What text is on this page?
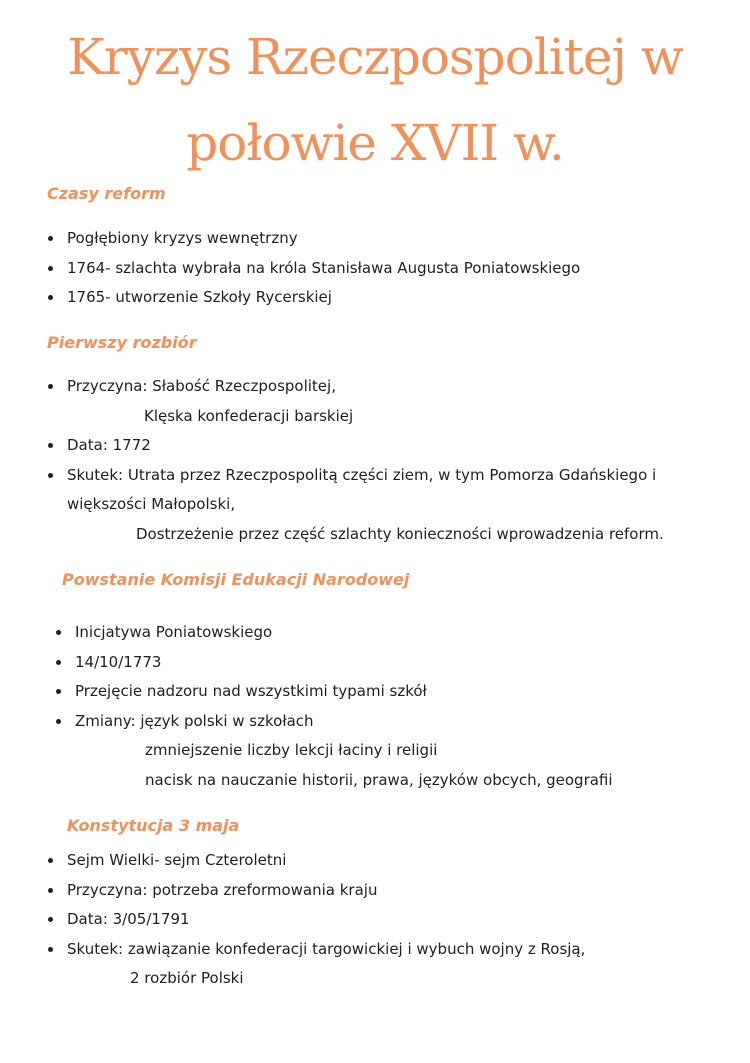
Kryzys Rzeczpospolitej w
połowie XVII w.
Czasy reform
Pogłębiony kryzys wewnętrzny
1764- szlachta wybrała na króla Stanisława Augusta Poniatowskiego
1765- utworzenie Szkoły Rycerskiej
Pierwszy rozbiór
Przyczyna: Słabość Rzeczpospolitej,
Klęska konfederacji barskiej
Data: 1772
Skutek: Utrata przez Rzeczpospolitą części ziem, w tym Pomorza Gdańskiego i
większości Małopolski,
Dostrzeżenie przez część szlachty konieczności wprowadzenia reform.
Powstanie Komisji Edukacji Narodowej
Inicjatywa Poniatowskiego
14/10/1773
Przejęcie nadzoru nad wszystkimi typami szkół
Zmiany: język polski w szkołach
zmniejszenie liczby lekcji łaciny i religii
nacisk na nauczanie historii, prawa, języków obcych, geografii
Konstytucja 3 maja
Sejm Wielki- sejm Czteroletni
Przyczyna: potrzeba zreformowania kraju
Data: 3/05/1791
Skutek: zawiązanie konfederacji targowickiej i wybuch wojny z Rosją,
2 rozbiór Polski
